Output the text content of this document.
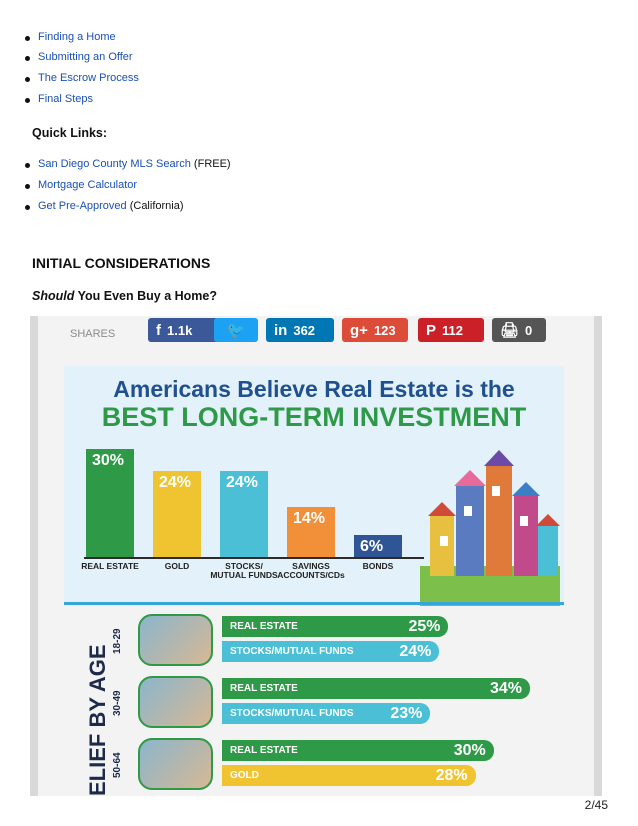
Finding a Home
Submitting an Offer
The Escrow Process
Final Steps
Quick Links:
San Diego County MLS Search (FREE)
Mortgage Calculator
Get Pre-Approved (California)
INITIAL CONSIDERATIONS
Should You Even Buy a Home?
SHARES	f 1.1k 🐦 in 362 g+ 123 P 112 🖨 0
Americans Believe Real Estate is the
BEST LONG-TERM INVESTMENT
30%
REAL ESTATE
24%
GOLD
24%
STOCKS/ MUTUAL FUNDS
14%
SAVINGS ACCOUNTS/CDs
6%
BONDS
ELIEF BY AGE
18-29
REAL ESTATE	25%
STOCKS/MUTUAL FUNDS	24%
30-49
REAL ESTATE	34%
STOCKS/MUTUAL FUNDS 23%
50-64
REAL ESTATE	30%
GOLD	28%
2/45
